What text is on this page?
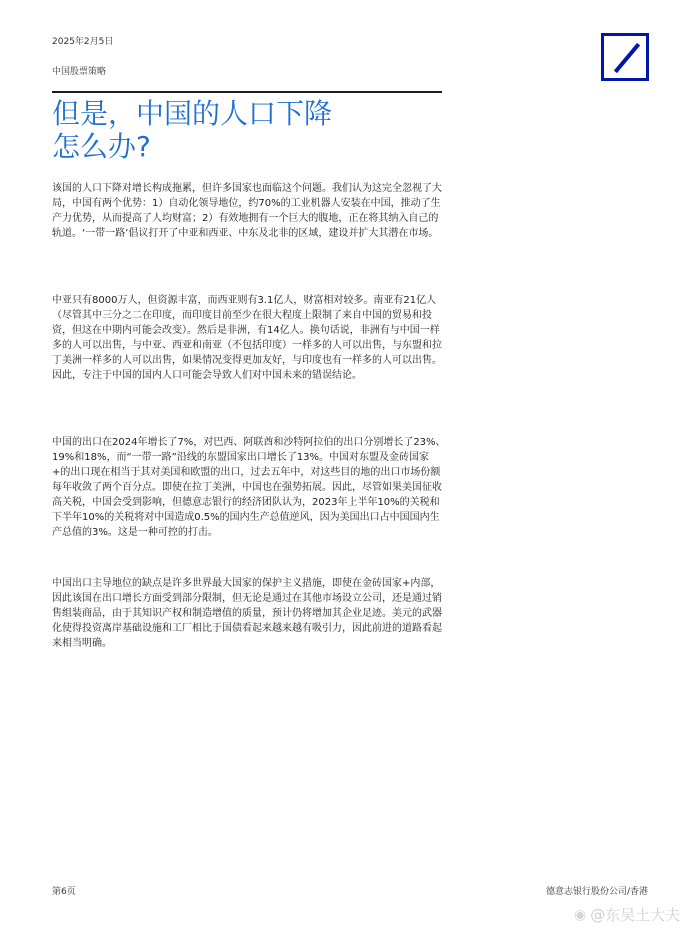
2025年2月5日
中国股票策略
但是，中国的人口下降
怎么办?

该国的人口下降对增长构成拖累，但许多国家也面临这个问题。我们认为这完全忽视了大局，中国有两个优势：1）自动化领导地位，约70%的工业机器人安装在中国，推动了生产力优势，从而提高了人均财富；2）有效地拥有一个巨大的腹地，正在将其纳入自己的轨道。‘一带一路’倡议打开了中亚和西亚、中东及北非的区域，建设并扩大其潜在市场。

中亚只有8000万人，但资源丰富，而西亚则有3.1亿人，财富相对较多。南亚有21亿人（尽管其中三分之二在印度，而印度目前至少在很大程度上限制了来自中国的贸易和投资，但这在中期内可能会改变）。然后是非洲，有14亿人。换句话说，非洲有与中国一样多的人可以出售，与中亚、西亚和南亚（不包括印度）一样多的人可以出售，与东盟和拉丁美洲一样多的人可以出售，如果情况变得更加友好，与印度也有一样多的人可以出售。因此，专注于中国的国内人口可能会导致人们对中国未来的错误结论。

中国的出口在2024年增长了7%，对巴西、阿联酋和沙特阿拉伯的出口分别增长了23%、19%和18%，而“一带一路”沿线的东盟国家出口增长了13%。中国对东盟及金砖国家+的出口现在相当于其对美国和欧盟的出口，过去五年中，对这些目的地的出口市场份额每年收敛了两个百分点。即使在拉丁美洲，中国也在强势拓展。因此，尽管如果美国征收高关税，中国会受到影响，但德意志银行的经济团队认为，2023年上半年10%的关税和下半年10%的关税将对中国造成0.5%的国内生产总值逆风，因为美国出口占中国国内生产总值的3%。这是一种可控的打击。

中国出口主导地位的缺点是许多世界最大国家的保护主义措施，即使在金砖国家+内部，因此该国在出口增长方面受到部分限制，但无论是通过在其他市场设立公司，还是通过销售组装商品，由于其知识产权和制造增值的质量，预计仍将增加其企业足迹。美元的武器化使得投资离岸基础设施和工厂相比于国债看起来越来越有吸引力，因此前进的道路看起来相当明确。

第6页	德意志银行股份公司/香港
◉ @东吴土大夫
